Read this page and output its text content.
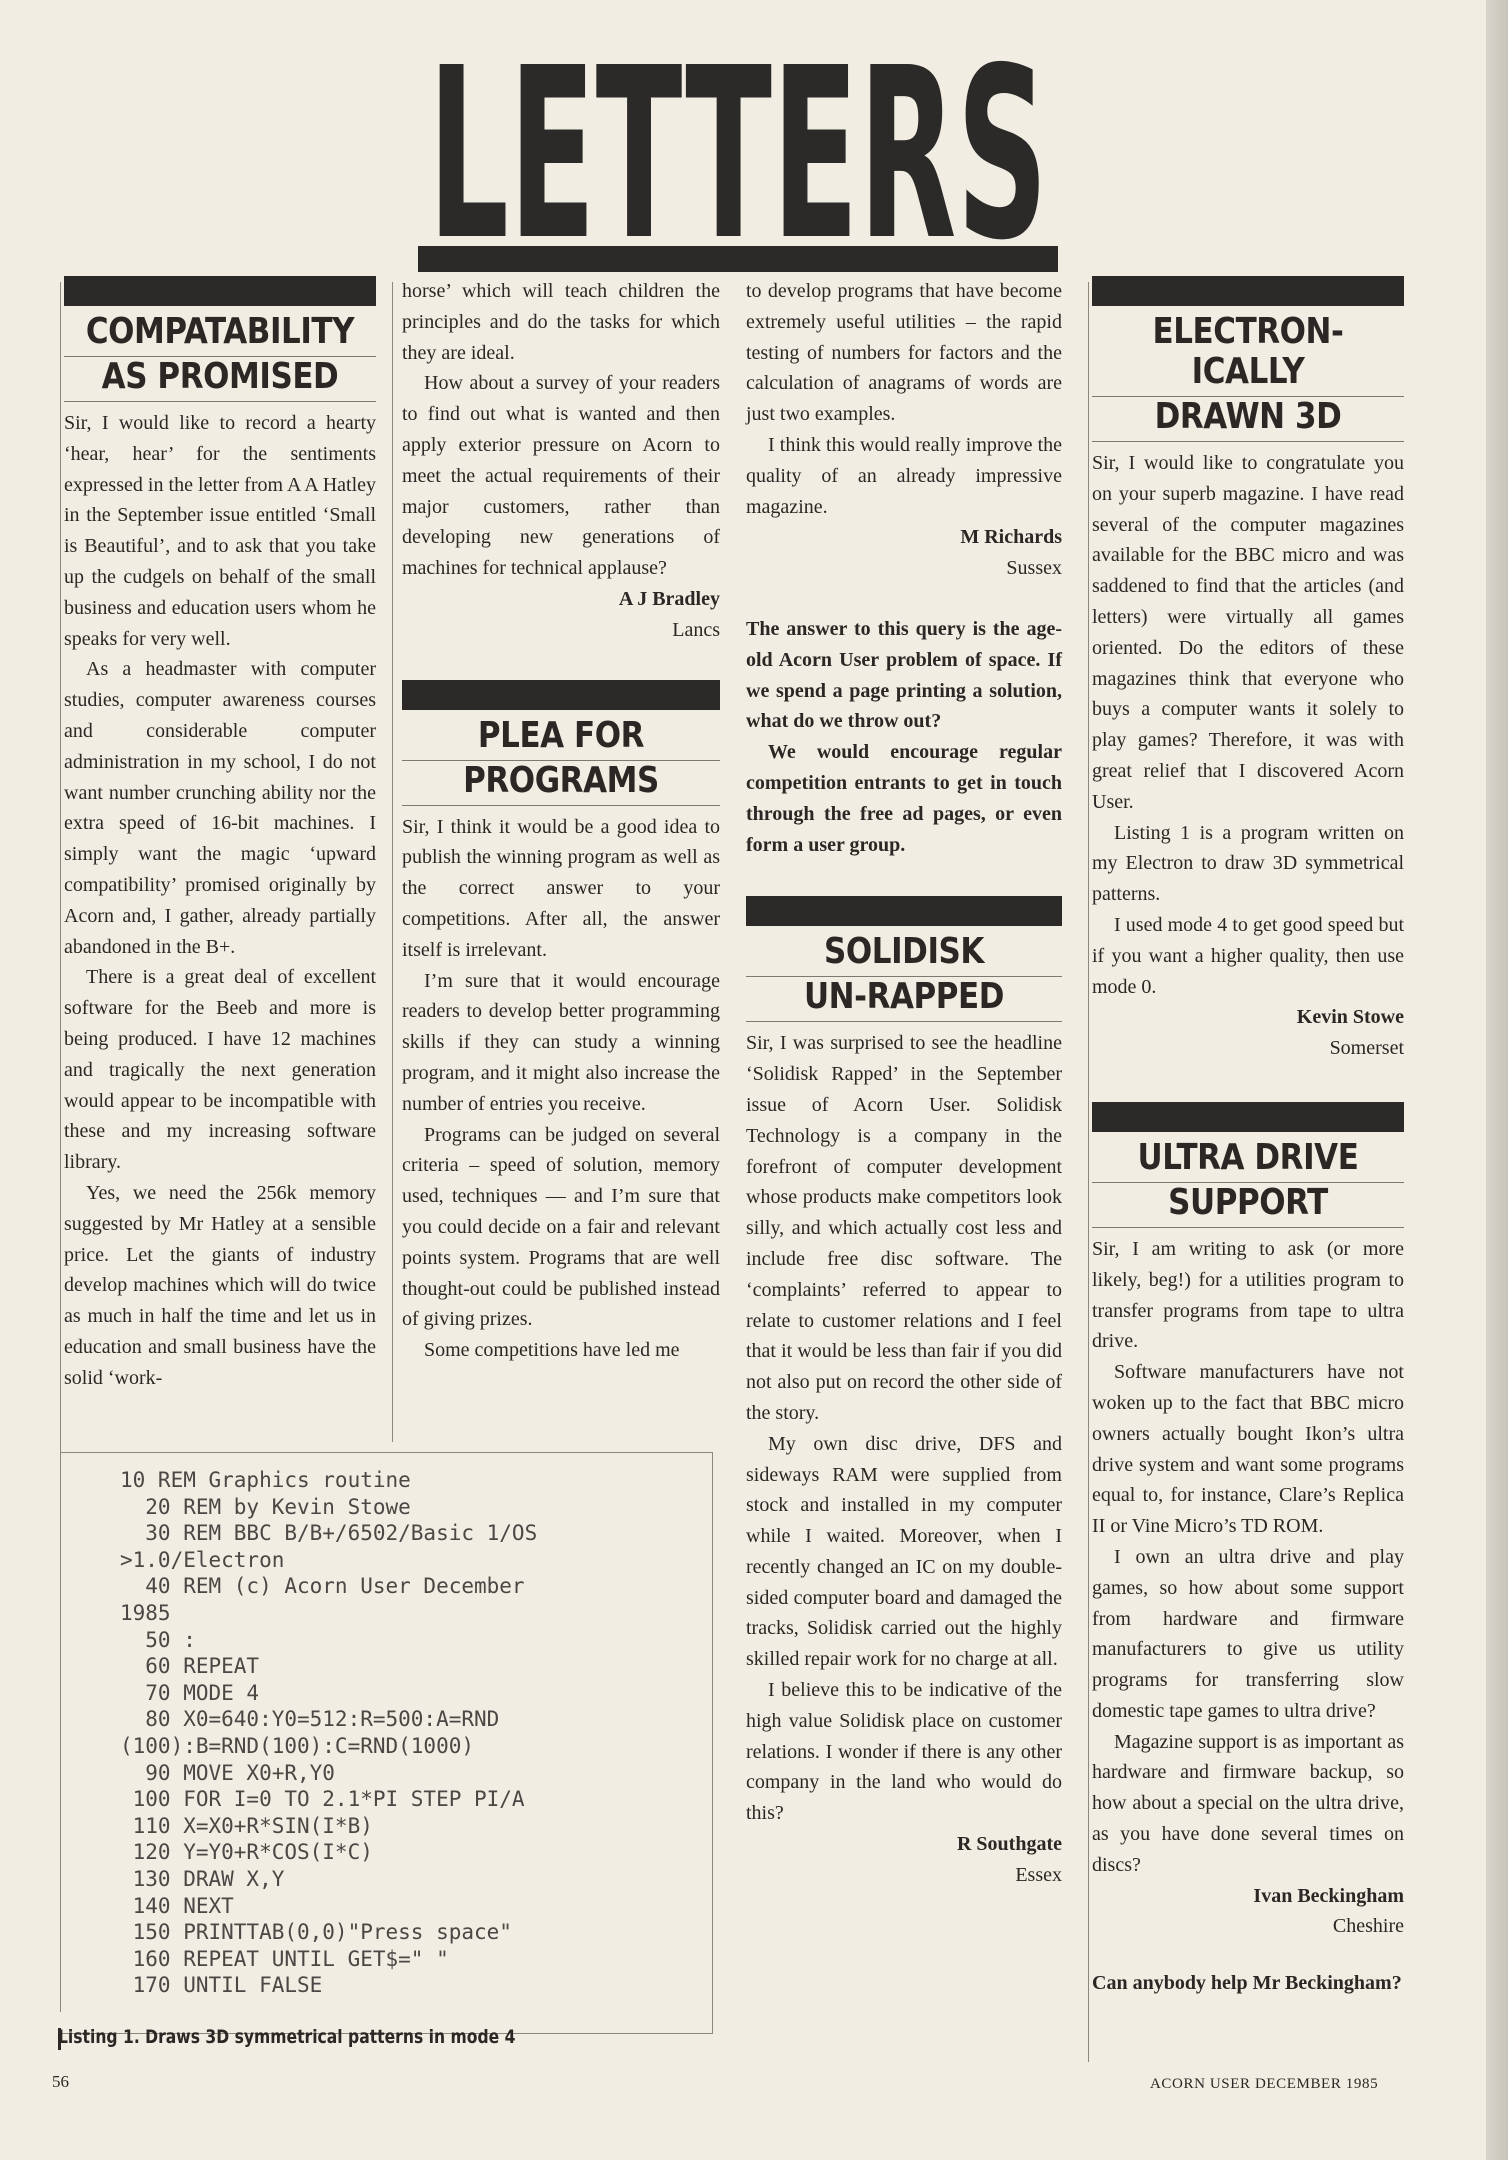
LETTERS
COMPATABILITY
AS PROMISED

Sir, I would like to record a hearty ‘hear, hear’ for the sentiments expressed in the letter from A A Hatley in the September issue entitled ‘Small is Beautiful’, and to ask that you take up the cudgels on behalf of the small business and education users whom he speaks for very well.

As a headmaster with computer studies, computer awareness courses and considerable computer administration in my school, I do not want number crunching ability nor the extra speed of 16-bit machines. I simply want the magic ‘upward compatibility’ promised originally by Acorn and, I gather, already partially abandoned in the B+.

There is a great deal of excellent software for the Beeb and more is being produced. I have 12 machines and tragically the next generation would appear to be incompatible with these and my increasing software library.

Yes, we need the 256k memory suggested by Mr Hatley at a sensible price. Let the giants of industry develop machines which will do twice as much in half the time and let us in education and small business have the solid ‘work-

horse’ which will teach children the principles and do the tasks for which they are ideal.

How about a survey of your readers to find out what is wanted and then apply exterior pressure on Acorn to meet the actual requirements of their major customers, rather than developing new generations of machines for technical applause?

A J Bradley

Lancs

PLEA FOR
PROGRAMS

Sir, I think it would be a good idea to publish the winning program as well as the correct answer to your competitions. After all, the answer itself is irrelevant.

I’m sure that it would encourage readers to develop better programming skills if they can study a winning program, and it might also increase the number of entries you receive.

Programs can be judged on several criteria – speed of solution, memory used, techniques — and I’m sure that you could decide on a fair and relevant points system. Programs that are well thought-out could be published instead of giving prizes.

Some competitions have led me

to develop programs that have become extremely useful utilities – the rapid testing of numbers for factors and the calculation of anagrams of words are just two examples.

I think this would really improve the quality of an already impressive magazine.

M Richards

Sussex

The answer to this query is the age-old Acorn User problem of space. If we spend a page printing a solution, what do we throw out?

We would encourage regular competition entrants to get in touch through the free ad pages, or even form a user group.

SOLIDISK
UN-RAPPED

Sir, I was surprised to see the headline ‘Solidisk Rapped’ in the September issue of Acorn User. Solidisk Technology is a company in the forefront of computer development whose products make competitors look silly, and which actually cost less and include free disc software. The ‘complaints’ referred to appear to relate to customer relations and I feel that it would be less than fair if you did not also put on record the other side of the story.

My own disc drive, DFS and sideways RAM were supplied from stock and installed in my computer while I waited. Moreover, when I recently changed an IC on my double-sided computer board and damaged the tracks, Solidisk carried out the highly skilled repair work for no charge at all.

I believe this to be indicative of the high value Solidisk place on customer relations. I wonder if there is any other company in the land who would do this?

R Southgate

Essex

ELECTRON-ICALLY
DRAWN 3D

Sir, I would like to congratulate you on your superb magazine. I have read several of the computer magazines available for the BBC micro and was saddened to find that the articles (and letters) were virtually all games oriented. Do the editors of these magazines think that everyone who buys a computer wants it solely to play games? Therefore, it was with great relief that I discovered Acorn User.

Listing 1 is a program written on my Electron to draw 3D symmetrical patterns.

I used mode 4 to get good speed but if you want a higher quality, then use mode 0.

Kevin Stowe

Somerset

ULTRA DRIVE
SUPPORT

Sir, I am writing to ask (or more likely, beg!) for a utilities program to transfer programs from tape to ultra drive.

Software manufacturers have not woken up to the fact that BBC micro owners actually bought Ikon’s ultra drive system and want some programs equal to, for instance, Clare’s Replica II or Vine Micro’s TD ROM.

I own an ultra drive and play games, so how about some support from hardware and firmware manufacturers to give us utility programs for transferring slow domestic tape games to ultra drive?

Magazine support is as important as hardware and firmware backup, so how about a special on the ultra drive, as you have done several times on discs?

Ivan Beckingham

Cheshire

Can anybody help Mr Beckingham?

10 REM Graphics routine
20 REM by Kevin Stowe
30 REM BBC B/B+/6502/Basic 1/OS
>1.0/Electron
40 REM (c) Acorn User December
1985
50 :
60 REPEAT
70 MODE 4
80 X0=640:Y0=512:R=500:A=RND
(100):B=RND(100):C=RND(1000)
90 MOVE X0+R,Y0
100 FOR I=0 TO 2.1*PI STEP PI/A
110 X=X0+R*SIN(I*B)
120 Y=Y0+R*COS(I*C)
130 DRAW X,Y
140 NEXT
150 PRINTTAB(0,0)"Press space"
160 REPEAT UNTIL GET$=" "
170 UNTIL FALSE
Listing 1. Draws 3D symmetrical patterns in mode 4
56	ACORN USER DECEMBER 1985
